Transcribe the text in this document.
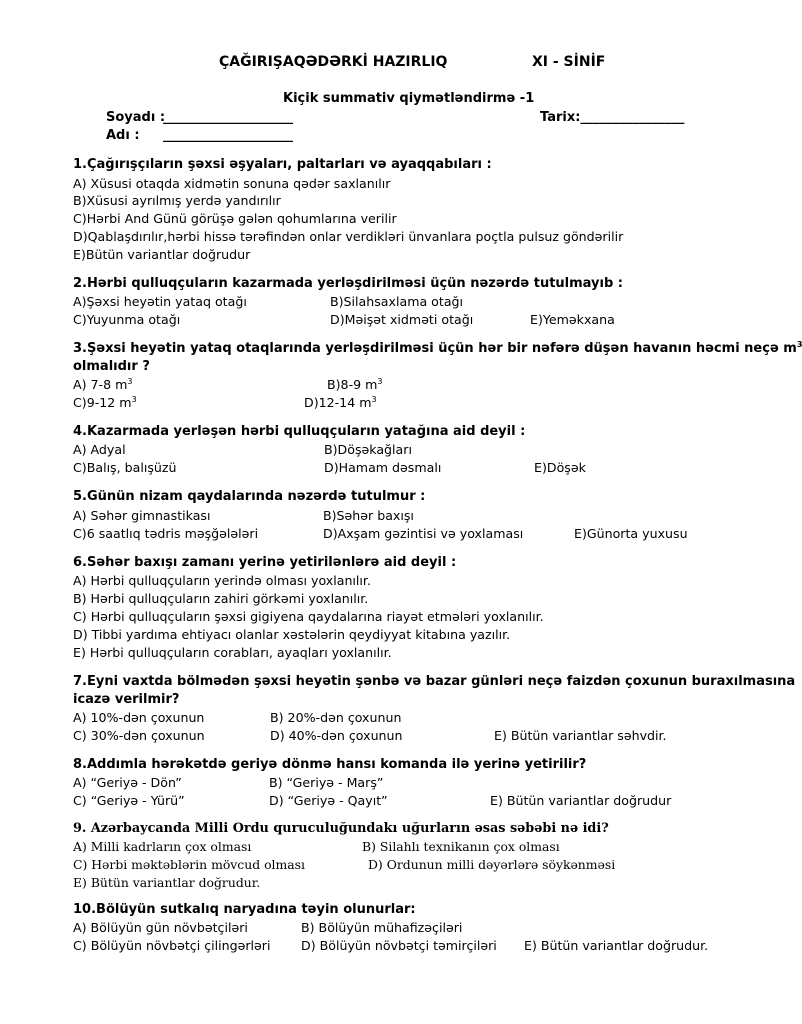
ÇAĞIRIŞAQƏDƏRKİ HAZIRLIQ	XI - SİNİF
Kiçik summativ qiymətləndirmə -1
Soyadı :
____________________	Tarix:________________
Adı : ____________________
1.Çağırışçıların şəxsi əşyaları, paltarları və ayaqqabıları :
A) Xüsusi otaqda xidmətin sonuna qədər saxlanılır
B)Xüsusi ayrılmış yerdə yandırılır
C)Hərbi And Günü görüşə gələn qohumlarına verilir
D)Qablaşdırılır,hərbi hissə tərəfindən onlar verdikləri ünvanlara poçtla pulsuz göndərilir
E)Bütün variantlar doğrudur
2.Hərbi qulluqçuların kazarmada yerləşdirilməsi üçün nəzərdə tutulmayıb :
A)Şəxsi heyətin yataq otağı	B)Silahsaxlama otağı
C)Yuyunma otağı	D)Məişət xidməti otağı	E)Yeməkxana
3.Şəxsi heyətin yataq otaqlarında yerləşdirilməsi üçün hər bir nəfərə düşən havanın həcmi neçə $m^3$
olmalıdır ?
A) 7-8 $m^3$	B)8-9 $m^3$
C)9-12 $m^3$	D)12-14 $m^3$
4.Kazarmada yerləşən hərbi qulluqçuların yatağına aid deyil :
A) Adyal	B)Döşəkağları
C)Balış, balışüzü	D)Hamam dəsmalı	E)Döşək
5.Günün nizam qaydalarında nəzərdə tutulmur :
A) Səhər gimnastikası	B)Səhər baxışı
C)6 saatlıq tədris məşğələləri	D)Axşam gəzintisi və yoxlaması	E)Günorta yuxusu
6.Səhər baxışı zamanı yerinə yetirilənlərə aid deyil :
A) Hərbi qulluqçuların yerində olması yoxlanılır.
B) Hərbi qulluqçuların zahiri görkəmi yoxlanılır.
C) Hərbi qulluqçuların şəxsi gigiyena qaydalarına riayət etmələri yoxlanılır.
D) Tibbi yardıma ehtiyacı olanlar xəstələrin qeydiyyat kitabına yazılır.
E) Hərbi qulluqçuların corabları, ayaqları yoxlanılır.
7.Eyni vaxtda bölmədən şəxsi heyətin şənbə və bazar günləri neçə faizdən çoxunun buraxılmasına
icazə verilmir?
A) 10%-dən çoxunun	B) 20%-dən çoxunun
C) 30%-dən çoxunun	D) 40%-dən çoxunun	E) Bütün variantlar səhvdir.
8.Addımla hərəkətdə geriyə dönmə hansı komanda ilə yerinə yetirilir?
A) “Geriyə - Dön”	B) “Geriyə - Marş”
C) “Geriyə - Yürü”	D) “Geriyə - Qayıt”	E) Bütün variantlar doğrudur
9. Azərbaycanda Milli Ordu quruculuğundakı uğurların əsas səbəbi nə idi?
A) Milli kadrların çox olması	B) Silahlı texnikanın çox olması
C) Hərbi məktəblərin mövcud olması	D) Ordunun milli dəyərlərə söykənməsi
E) Bütün variantlar doğrudur.
10.Bölüyün sutkalıq naryadına təyin olunurlar:
A) Bölüyün gün növbətçiləri	B) Bölüyün mühafizəçiləri
C) Bölüyün növbətçi çilingərləri D) Bölüyün növbətçi təmirçiləri E) Bütün variantlar doğrudur.
